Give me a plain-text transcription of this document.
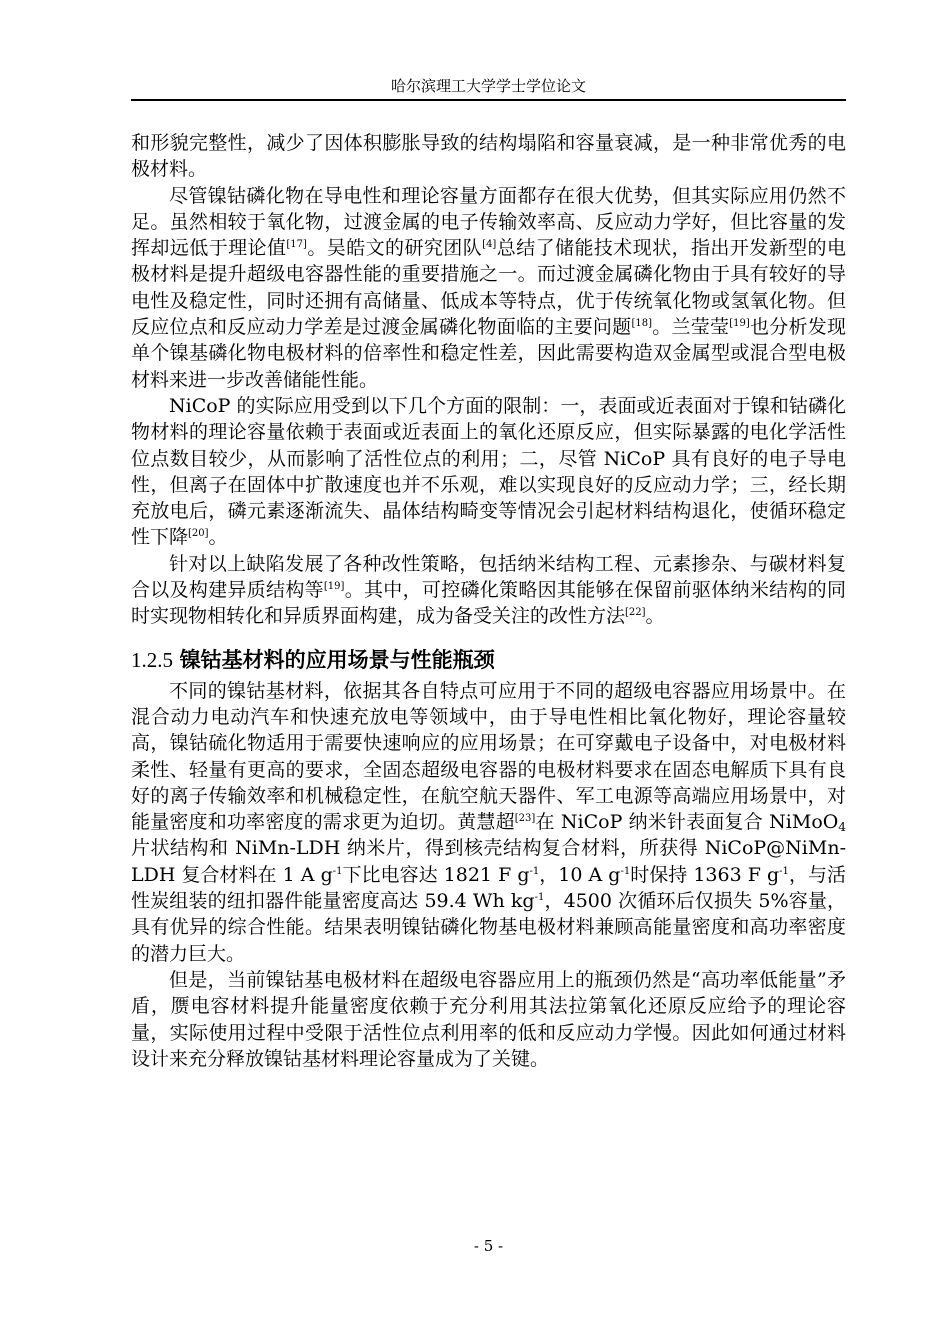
哈尔滨理工大学学士学位论文

和形貌完整性，减少了因体积膨胀导致的结构塌陷和容量衰减，是一种非常优秀的电极材料。

尽管镍钴磷化物在导电性和理论容量方面都存在很大优势，但其实际应用仍然不足。虽然相较于氧化物，过渡金属的电子传输效率高、反应动力学好，但比容量的发挥却远低于理论值[17]。吴皓文的研究团队[4]总结了储能技术现状，指出开发新型的电极材料是提升超级电容器性能的重要措施之一。而过渡金属磷化物由于具有较好的导电性及稳定性，同时还拥有高储量、低成本等特点，优于传统氧化物或氢氧化物。但反应位点和反应动力学差是过渡金属磷化物面临的主要问题[18]。兰莹莹[19]也分析发现单个镍基磷化物电极材料的倍率性和稳定性差，因此需要构造双金属型或混合型电极材料来进一步改善储能性能。

NiCoP 的实际应用受到以下几个方面的限制：一，表面或近表面对于镍和钴磷化物材料的理论容量依赖于表面或近表面上的氧化还原反应，但实际暴露的电化学活性位点数目较少，从而影响了活性位点的利用；二，尽管 NiCoP 具有良好的电子导电性，但离子在固体中扩散速度也并不乐观，难以实现良好的反应动力学；三，经长期充放电后，磷元素逐渐流失、晶体结构畸变等情况会引起材料结构退化，使循环稳定性下降[20]。

针对以上缺陷发展了各种改性策略，包括纳米结构工程、元素掺杂、与碳材料复合以及构建异质结构等[19]。其中，可控磷化策略因其能够在保留前驱体纳米结构的同时实现物相转化和异质界面构建，成为备受关注的改性方法[22]。

1.2.5 镍钴基材料的应用场景与性能瓶颈

不同的镍钴基材料，依据其各自特点可应用于不同的超级电容器应用场景中。在混合动力电动汽车和快速充放电等领域中，由于导电性相比氧化物好，理论容量较高，镍钴硫化物适用于需要快速响应的应用场景；在可穿戴电子设备中，对电极材料柔性、轻量有更高的要求，全固态超级电容器的电极材料要求在固态电解质下具有良好的离子传输效率和机械稳定性，在航空航天器件、军工电源等高端应用场景中，对能量密度和功率密度的需求更为迫切。黄慧超[23]在 NiCoP 纳米针表面复合 NiMoO$_4$片状结构和 NiMn-LDH 纳米片，得到核壳结构复合材料，所获得 NiCoP@NiMn-LDH 复合材料在 1 A $g^{-1}$下比电容达 1821 F $g^{-1}$，10 A $g^{-1}$时保持 1363 F $g^{-1}$，与活性炭组装的纽扣器件能量密度高达 59.4 Wh $kg^{-1}$，4500 次循环后仅损失 5%容量，具有优异的综合性能。结果表明镍钴磷化物基电极材料兼顾高能量密度和高功率密度的潜力巨大。

但是，当前镍钴基电极材料在超级电容器应用上的瓶颈仍然是“高功率低能量”矛盾，赝电容材料提升能量密度依赖于充分利用其法拉第氧化还原反应给予的理论容量，实际使用过程中受限于活性位点利用率的低和反应动力学慢。因此如何通过材料设计来充分释放镍钴基材料理论容量成为了关键。

- 5 -
